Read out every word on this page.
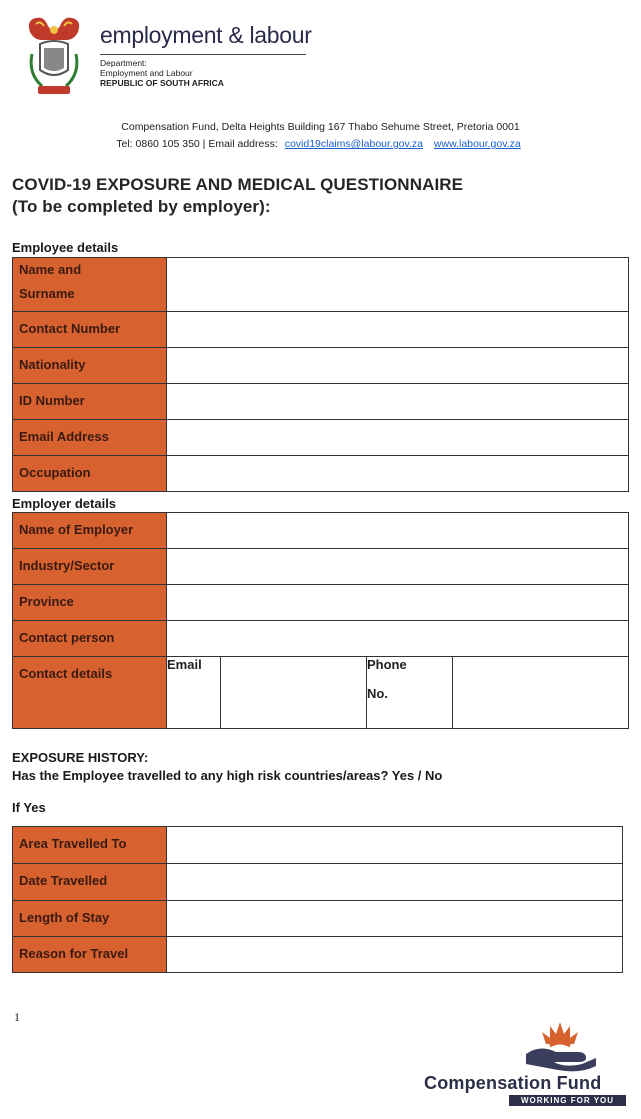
employment & labour
Department:
Employment and Labour
REPUBLIC OF SOUTH AFRICA
Compensation Fund, Delta Heights Building 167 Thabo Sehume Street, Pretoria 0001
Tel: 0860 105 350 | Email address: covid19claims@labour.gov.za www.labour.gov.za
COVID-19 EXPOSURE AND MEDICAL QUESTIONNAIRE
(To be completed by employer):
Employee details
Name and
Surname	

Contact Number	
Nationality	
ID Number	
Email Address	
Occupation	
Employer details
Name of Employer				
Industry/Sector				
Province				
Contact person				
Contact details	Email		Phone
No.	

EXPOSURE HISTORY:
Has the Employee travelled to any high risk countries/areas? Yes / No
If Yes
Area Travelled To	
Date Travelled	
Length of Stay	
Reason for Travel	
1
Compensation Fund
WORKING FOR YOU
